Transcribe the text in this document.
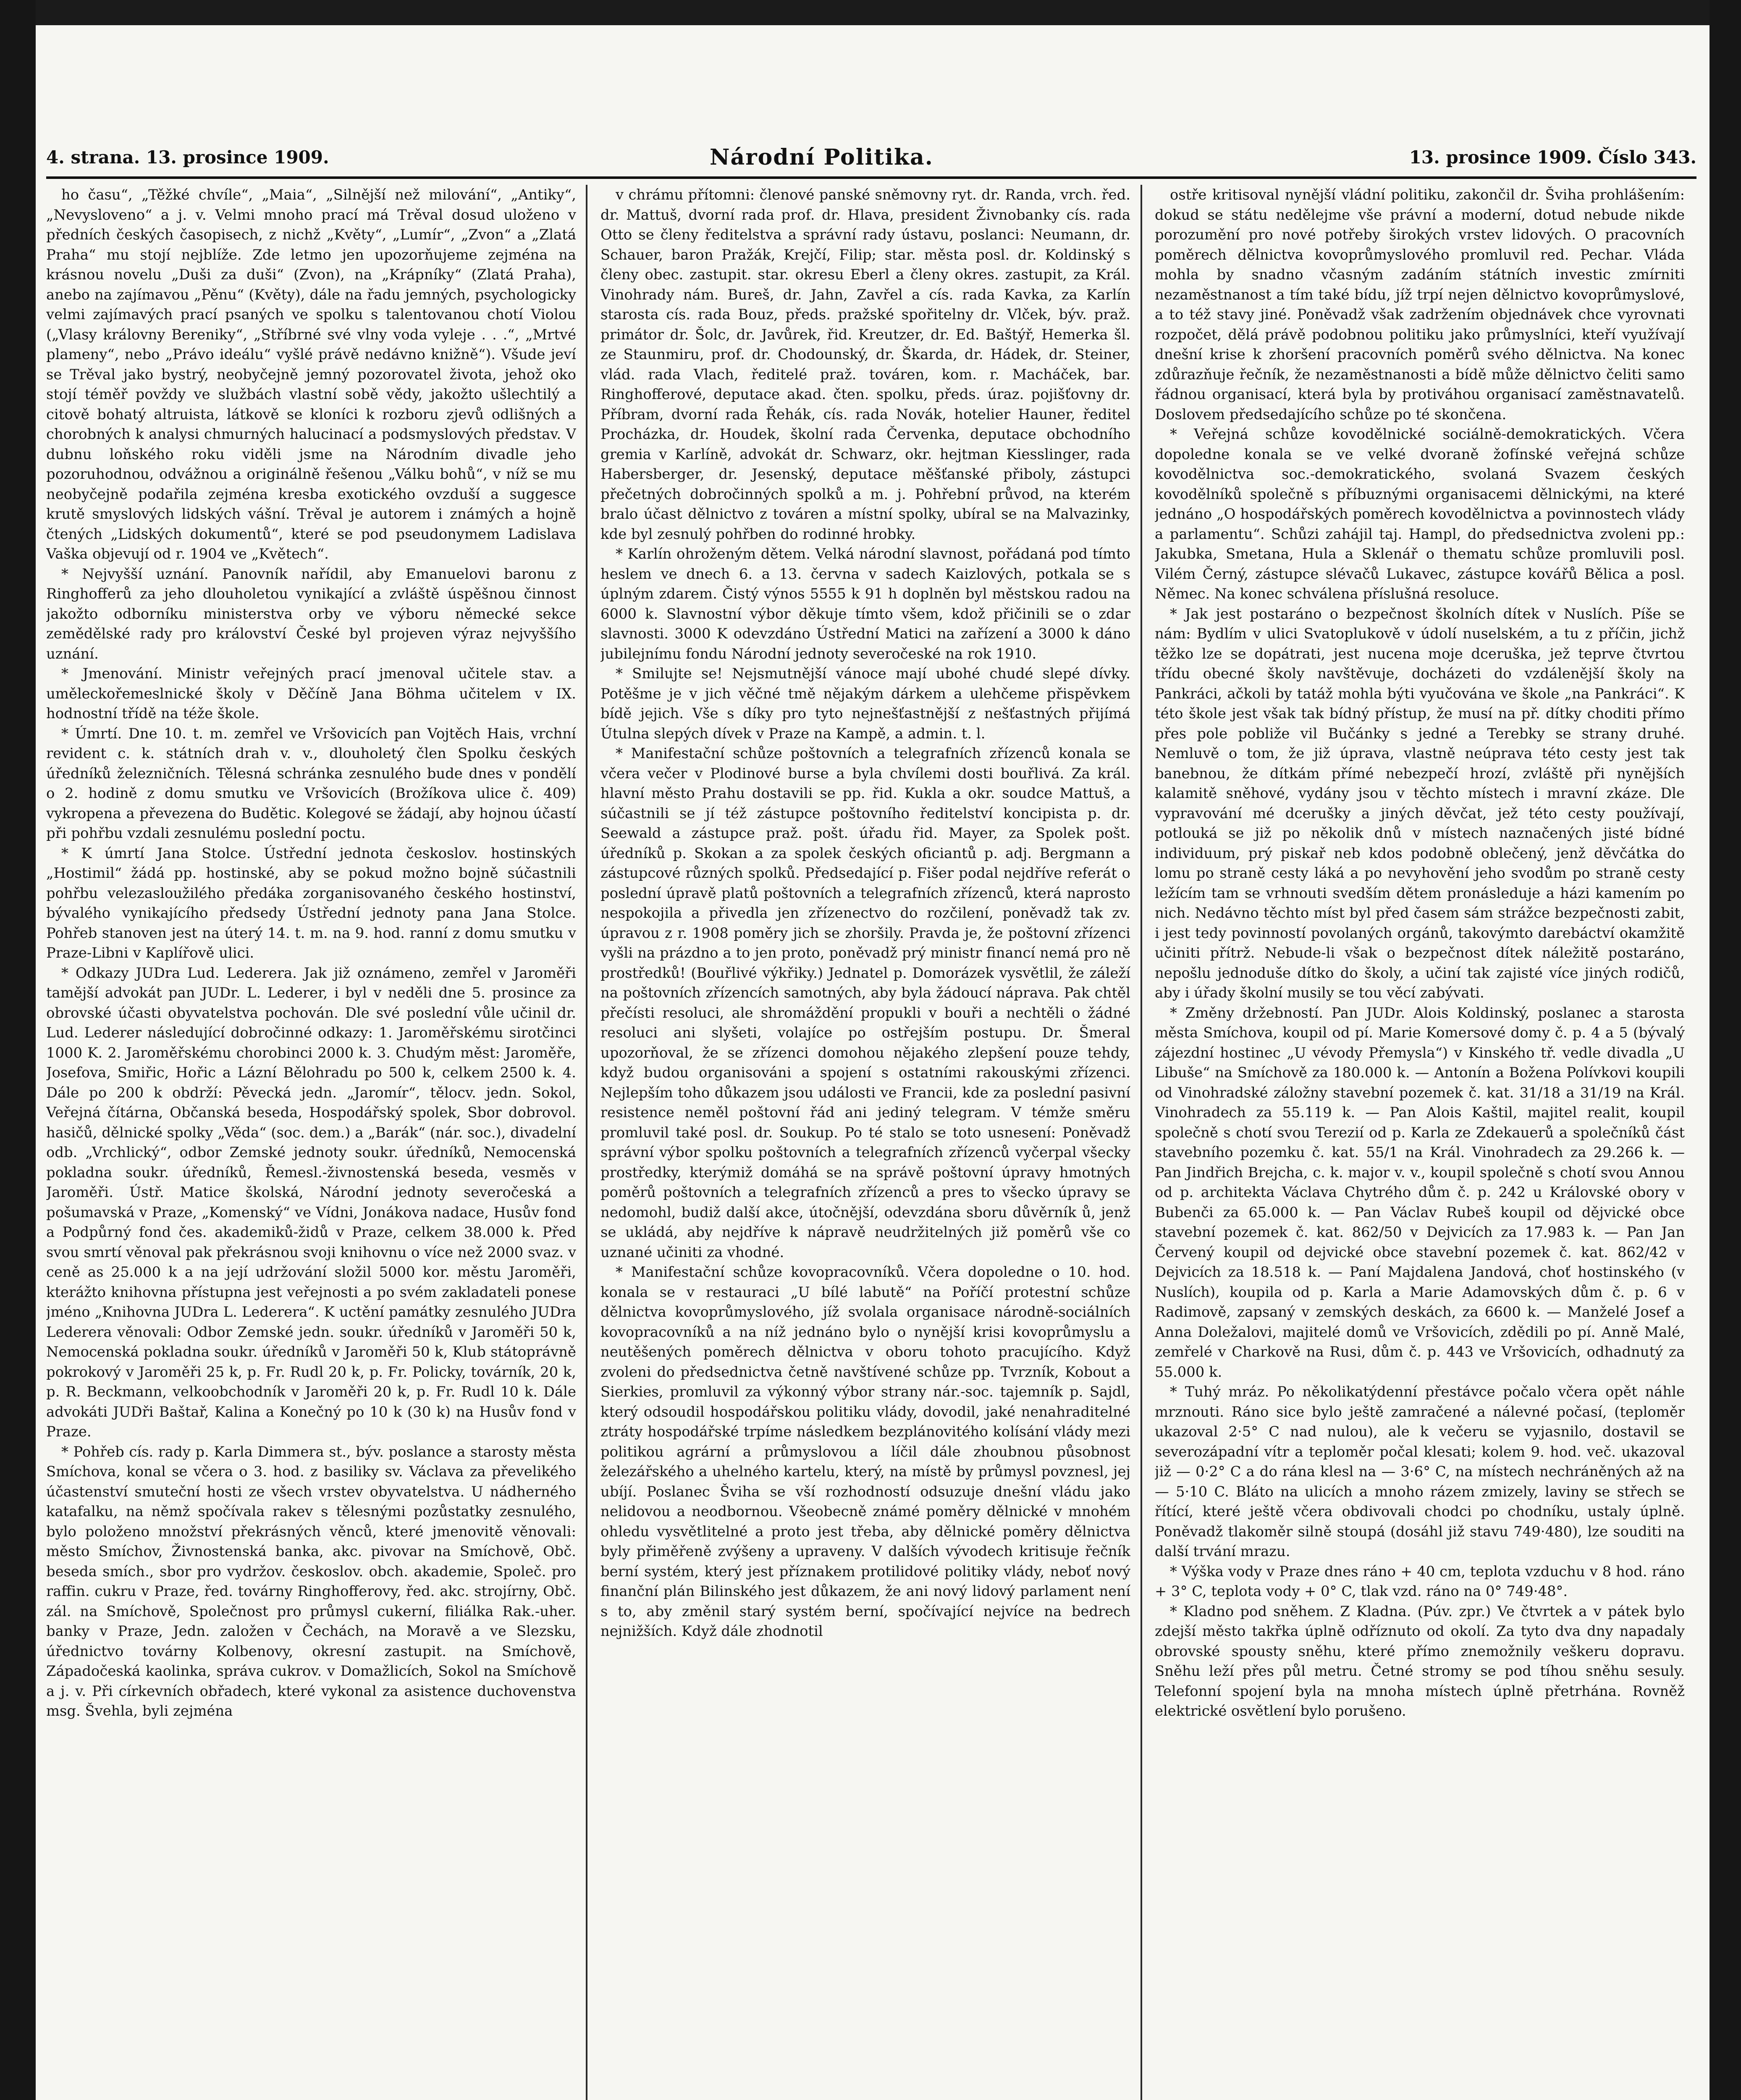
4. strana. 13. prosince 1909.	Národní Politika.	13. prosince 1909. Číslo 343.

ho času“, „Těžké chvíle“, „Maia“, „Silnější než milování“, „Antiky“, „Nevysloveno“ a j. v. Velmi mnoho prací má Trěval dosud uloženo v předních českých časopisech, z nichž „Květy“, „Lumír“, „Zvon“ a „Zlatá Praha“ mu stojí nejblíže. Zde letmo jen upozorňujeme zejména na krásnou novelu „Duši za duši“ (Zvon), na „Krápníky“ (Zlatá Praha), anebo na zajímavou „Pěnu“ (Květy), dále na řadu jemných, psychologicky velmi zajímavých prací psaných ve spolku s talentovanou chotí Violou („Vlasy královny Bereniky“, „Stříbrné své vlny voda vyleje . . .“, „Mrtvé plameny“, nebo „Právo ideálu“ vyšlé právě nedávno knižně“). Všude jeví se Trěval jako bystrý, neobyčejně jemný pozorovatel života, jehož oko stojí téměř povždy ve službách vlastní sobě vědy, jakožto ušlechtilý a citově bohatý altruista, látkově se kloníci k rozboru zjevů odlišných a chorobných k analysi chmurných halucinací a podsmyslových představ. V dubnu loňského roku viděli jsme na Národním divadle jeho pozoruhodnou, odvážnou a originálně řešenou „Válku bohů“, v níž se mu neobyčejně podařila zejména kresba exotického ovzduší a suggesce krutě smyslových lidských vášní. Trěval je autorem i známých a hojně čtených „Lidských dokumentů“, které se pod pseudonymem Ladislava Vaška objevují od r. 1904 ve „Květech“.

* Nejvyšší uznání. Panovník nařídil, aby Emanuelovi baronu z Ringhofferů za jeho dlouholetou vynikající a zvláště úspěšnou činnost jakožto odborníku ministerstva orby ve výboru německé sekce zemědělské rady pro království České byl projeven výraz nejvyššího uznání.

* Jmenování. Ministr veřejných prací jmenoval učitele stav. a uměleckořemeslnické školy v Děčíně Jana Böhma učitelem v IX. hodnostní třídě na téže škole.

* Úmrtí. Dne 10. t. m. zemřel ve Vršovicích pan Vojtěch Hais, vrchní revident c. k. státních drah v. v., dlouholetý člen Spolku českých úředníků železničních. Tělesná schránka zesnulého bude dnes v pondělí o 2. hodině z domu smutku ve Vršovicích (Brožíkova ulice č. 409) vykropena a převezena do Budětic. Kolegové se žádají, aby hojnou účastí při pohřbu vzdali zesnulému poslední poctu.

* K úmrtí Jana Stolce. Ústřední jednota českoslov. hostinských „Hostimil“ žádá pp. hostinské, aby se pokud možno bojně súčastnili pohřbu velezasloužilého předáka zorganisovaného českého hostinství, bývalého vynikajícího předsedy Ústřední jednoty pana Jana Stolce. Pohřeb stanoven jest na úterý 14. t. m. na 9. hod. ranní z domu smutku v Praze-Libni v Kaplířově ulici.

* Odkazy JUDra Lud. Lederera. Jak již oznámeno, zemřel v Jaroměři tamější advokát pan JUDr. L. Lederer, i byl v neděli dne 5. prosince za obrovské účasti obyvatelstva pochován. Dle své poslední vůle učinil dr. Lud. Lederer následující dobročinné odkazy: 1. Jaroměřskému sirotčinci 1000 K. 2. Jaroměřskému chorobinci 2000 k. 3. Chudým měst: Jaroměře, Josefova, Smiřic, Hořic a Lázní Bělohradu po 500 k, celkem 2500 k. 4. Dále po 200 k obdrží: Pěvecká jedn. „Jaromír“, tělocv. jedn. Sokol, Veřejná čítárna, Občanská beseda, Hospodářský spolek, Sbor dobrovol. hasičů, dělnické spolky „Věda“ (soc. dem.) a „Barák“ (nár. soc.), divadelní odb. „Vrchlický“, odbor Zemské jednoty soukr. úředníků, Nemocenská pokladna soukr. úředníků, Řemesl.-živnostenská beseda, vesměs v Jaroměři. Ústř. Matice školská, Národní jednoty severočeská a pošumavská v Praze, „Komenský“ ve Vídni, Jonákova nadace, Husův fond a Podpůrný fond čes. akademiků-židů v Praze, celkem 38.000 k. Před svou smrtí věnoval pak překrásnou svoji knihovnu o více než 2000 svaz. v ceně as 25.000 k a na její udržování složil 5000 kor. městu Jaroměři, kterážto knihovna přístupna jest veřejnosti a po svém zakladateli ponese jméno „Knihovna JUDra L. Lederera“. K uctění památky zesnulého JUDra Lederera věnovali: Odbor Zemské jedn. soukr. úředníků v Jaroměři 50 k, Nemocenská pokladna soukr. úředníků v Jaroměři 50 k, Klub státoprávně pokrokový v Jaroměři 25 k, p. Fr. Rudl 20 k, p. Fr. Policky, továrník, 20 k, p. R. Beckmann, velkoobchodník v Jaroměři 20 k, p. Fr. Rudl 10 k. Dále advokáti JUDři Baštař, Kalina a Konečný po 10 k (30 k) na Husův fond v Praze.

* Pohřeb cís. rady p. Karla Dimmera st., býv. poslance a starosty města Smíchova, konal se včera o 3. hod. z basiliky sv. Václava za převelikého účastenství smuteční hosti ze všech vrstev obyvatelstva. U nádherného katafalku, na němž spočívala rakev s tělesnými pozůstatky zesnulého, bylo položeno množství překrásných věnců, které jmenovitě věnovali: město Smíchov, Živnostenská banka, akc. pivovar na Smíchově, Obč. beseda smích., sbor pro vydržov. českoslov. obch. akademie, Společ. pro raffin. cukru v Praze, řed. továrny Ringhofferovy, řed. akc. strojírny, Obč. zál. na Smíchově, Společnost pro průmysl cukerní, filiálka Rak.-uher. banky v Praze, Jedn. založen v Čechách, na Moravě a ve Slezsku, úřednictvo továrny Kolbenovy, okresní zastupit. na Smíchově, Západočeská kaolinka, správa cukrov. v Domažlicích, Sokol na Smíchově a j. v. Při církevních obřadech, které vykonal za asistence duchovenstva msg. Švehla, byli zejména

v chrámu přítomni: členové panské sněmovny ryt. dr. Randa, vrch. řed. dr. Mattuš, dvorní rada prof. dr. Hlava, president Živnobanky cís. rada Otto se členy ředitelstva a správní rady ústavu, poslanci: Neumann, dr. Schauer, baron Pražák, Krejčí, Filip; star. města posl. dr. Koldinský s členy obec. zastupit. star. okresu Eberl a členy okres. zastupit, za Král. Vinohrady nám. Bureš, dr. Jahn, Zavřel a cís. rada Kavka, za Karlín starosta cís. rada Bouz, předs. pražské spořitelny dr. Vlček, býv. praž. primátor dr. Šolc, dr. Javůrek, řid. Kreutzer, dr. Ed. Baštýř, Hemerka šl. ze Staunmiru, prof. dr. Chodounský, dr. Škarda, dr. Hádek, dr. Steiner, vlád. rada Vlach, ředitelé praž. továren, kom. r. Macháček, bar. Ringhofferové, deputace akad. čten. spolku, předs. úraz. pojišťovny dr. Příbram, dvorní rada Řehák, cís. rada Novák, hotelier Hauner, ředitel Procházka, dr. Houdek, školní rada Červenka, deputace obchodního gremia v Karlíně, advokát dr. Schwarz, okr. hejtman Kiesslinger, rada Habersberger, dr. Jesenský, deputace měšťanské přiboly, zástupci přečetných dobročinných spolků a m. j. Pohřební průvod, na kterém bralo účast dělnictvo z továren a místní spolky, ubíral se na Malvazinky, kde byl zesnulý pohřben do rodinné hrobky.

* Karlín ohroženým dětem. Velká národní slavnost, pořádaná pod tímto heslem ve dnech 6. a 13. června v sadech Kaizlových, potkala se s úplným zdarem. Čistý výnos 5555 k 91 h doplněn byl městskou radou na 6000 k. Slavnostní výbor děkuje tímto všem, kdož přičinili se o zdar slavnosti. 3000 K odevzdáno Ústřední Matici na zařízení a 3000 k dáno jubilejnímu fondu Národní jednoty severočeské na rok 1910.

* Smilujte se! Nejsmutnější vánoce mají ubohé chudé slepé dívky. Potěšme je v jich věčné tmě nějakým dárkem a ulehčeme přispěvkem bídě jejich. Vše s díky pro tyto nejnešťastnější z nešťastných přijímá Útulna slepých dívek v Praze na Kampě, a admin. t. l.

* Manifestační schůze poštovních a telegrafních zřízenců konala se včera večer v Plodinové burse a byla chvílemi dosti bouřlivá. Za král. hlavní město Prahu dostavili se pp. řid. Kukla a okr. soudce Mattuš, a súčastnili se jí též zástupce poštovního ředitelství koncipista p. dr. Seewald a zástupce praž. pošt. úřadu řid. Mayer, za Spolek pošt. úředníků p. Skokan a za spolek českých oficiantů p. adj. Bergmann a zástupcové různých spolků. Předsedající p. Fišer podal nejdříve referát o poslední úpravě platů poštovních a telegrafních zřízenců, která naprosto nespokojila a přivedla jen zřízenectvo do rozčilení, poněvadž tak zv. úpravou z r. 1908 poměry jich se zhoršily. Pravda je, že poštovní zřízenci vyšli na prázdno a to jen proto, poněvadž prý ministr financí nemá pro ně prostředků! (Bouřlivé výkřiky.) Jednatel p. Domorázek vysvětlil, že záleží na poštovních zřízencích samotných, aby byla žádoucí náprava. Pak chtěl přečísti resoluci, ale shromáždění propukli v bouři a nechtěli o žádné resoluci ani slyšeti, volajíce po ostřejším postupu. Dr. Šmeral upozorňoval, že se zřízenci domohou nějakého zlepšení pouze tehdy, když budou organisováni a spojení s ostatními rakouskými zřízenci. Nejlepším toho důkazem jsou události ve Francii, kde za poslední pasivní resistence neměl poštovní řád ani jediný telegram. V témže směru promluvil také posl. dr. Soukup. Po té stalo se toto usnesení: Poněvadž správní výbor spolku poštovních a telegrafních zřízenců vyčerpal všecky prostředky, kterýmiž domáhá se na správě poštovní úpravy hmotných poměrů poštovních a telegrafních zřízenců a pres to všecko úpravy se nedomohl, budiž další akce, útočnější, odevzdána sboru důvěrník ů, jenž se ukládá, aby nejdříve k nápravě neudržitelných již poměrů vše co uznané učiniti za vhodné.

* Manifestační schůze kovopracovníků. Včera dopoledne o 10. hod. konala se v restauraci „U bílé labutě“ na Poříčí protestní schůze dělnictva kovoprůmyslového, jíž svolala organisace národně-sociálních kovopracovníků a na níž jednáno bylo o nynější krisi kovoprůmyslu a neutěšených poměrech dělnictva v oboru tohoto pracujícího. Když zvoleni do předsednictva četně navštívené schůze pp. Tvrzník, Kobout a Sierkies, promluvil za výkonný výbor strany nár.-soc. tajemník p. Sajdl, který odsoudil hospodářskou politiku vlády, dovodil, jaké nenahraditelné ztráty hospodářské trpíme následkem bezplánovitého kolísání vlády mezi politikou agrární a průmyslovou a líčil dále zhoubnou působnost železářského a uhelného kartelu, který, na místě by průmysl povznesl, jej ubíjí. Poslanec Šviha se vší rozhodností odsuzuje dnešní vládu jako nelidovou a neodbornou. Všeobecně známé poměry dělnické v mnohém ohledu vysvětlitelné a proto jest třeba, aby dělnické poměry dělnictva byly přiměřeně zvýšeny a upraveny. V dalších vývodech kritisuje řečník berní systém, který jest příznakem protilidové politiky vlády, neboť nový finanční plán Bilinského jest důkazem, že ani nový lidový parlament není s to, aby změnil starý systém berní, spočívající nejvíce na bedrech nejnižších. Když dále zhodnotil

ostře kritisoval nynější vládní politiku, zakončil dr. Šviha prohlášením: dokud se státu nedělejme vše právní a moderní, dotud nebude nikde porozumění pro nové potřeby širokých vrstev lidových. O pracovních poměrech dělnictva kovoprůmyslového promluvil red. Pechar. Vláda mohla by snadno včasným zadáním státních investic zmírniti nezaměstnanost a tím také bídu, jíž trpí nejen dělnictvo kovoprůmyslové, a to též stavy jiné. Poněvadž však zadržením objednávek chce vyrovnati rozpočet, dělá právě podobnou politiku jako průmyslníci, kteří využívají dnešní krise k zhoršení pracovních poměrů svého dělnictva. Na konec zdůrazňuje řečník, že nezaměstnanosti a bídě může dělnictvo čeliti samo řádnou organisací, která byla by protiváhou organisací zaměstnavatelů. Doslovem předsedajícího schůze po té skončena.

* Veřejná schůze kovodělnické sociálně-demokratických. Včera dopoledne konala se ve velké dvoraně žofínské veřejná schůze kovodělnictva soc.-demokratického, svolaná Svazem českých kovodělníků společně s příbuznými organisacemi dělnickými, na které jednáno „O hospodářských poměrech kovodělnictva a povinnostech vlády a parlamentu“. Schůzi zahájil taj. Hampl, do předsednictva zvoleni pp.: Jakubka, Smetana, Hula a Sklenář o thematu schůze promluvili posl. Vilém Černý, zástupce slévačů Lukavec, zástupce kovářů Bělica a posl. Němec. Na konec schválena příslušná resoluce.

* Jak jest postaráno o bezpečnost školních dítek v Nuslích. Píše se nám: Bydlím v ulici Svatoplukově v údolí nuselském, a tu z příčin, jichž těžko lze se dopátrati, jest nucena moje dceruška, jež teprve čtvrtou třídu obecné školy navštěvuje, docházeti do vzdálenější školy na Pankráci, ačkoli by tatáž mohla býti vyučována ve škole „na Pankráci“. K této škole jest však tak bídný přístup, že musí na př. dítky choditi přímo přes pole pobliže vil Bučánky s jedné a Terebky se strany druhé. Nemluvě o tom, že již úprava, vlastně neúprava této cesty jest tak banebnou, že dítkám přímé nebezpečí hrozí, zvláště při nynějších kalamitě sněhové, vydány jsou v těchto místech i mravní zkáze. Dle vypravování mé dcerušky a jiných děvčat, jež této cesty používají, potlouká se již po několik dnů v místech naznačených jisté bídné individuum, prý piskař neb kdos podobně oblečený, jenž děvčátka do lomu po straně cesty láká a po nevyhovění jeho svodům po straně cesty ležícím tam se vrhnouti svedším dětem pronásleduje a házi kamením po nich. Nedávno těchto míst byl před časem sám strážce bezpečnosti zabit, i jest tedy povinností povolaných orgánů, takovýmto darebáctví okamžitě učiniti přítrž. Nebude-li však o bezpečnost dítek náležitě postaráno, nepošlu jednoduše dítko do školy, a učiní tak zajisté více jiných rodičů, aby i úřady školní musily se tou věcí zabývati.

* Změny držebností. Pan JUDr. Alois Koldinský, poslanec a starosta města Smíchova, koupil od pí. Marie Komersové domy č. p. 4 a 5 (bývalý zájezdní hostinec „U vévody Přemysla“) v Kinského tř. vedle divadla „U Libuše“ na Smíchově za 180.000 k. — Antonín a Božena Polívkovi koupili od Vinohradské záložny stavební pozemek č. kat. 31/18 a 31/19 na Král. Vinohradech za 55.119 k. — Pan Alois Kaštil, majitel realit, koupil společně s chotí svou Terezií od p. Karla ze Zdekauerů a společníků část stavebního pozemku č. kat. 55/1 na Král. Vinohradech za 29.266 k. — Pan Jindřich Brejcha, c. k. major v. v., koupil společně s chotí svou Annou od p. architekta Václava Chytrého dům č. p. 242 u Královské obory v Bubenči za 65.000 k. — Pan Václav Rubeš koupil od dějvické obce stavební pozemek č. kat. 862/50 v Dejvicích za 17.983 k. — Pan Jan Červený koupil od dejvické obce stavební pozemek č. kat. 862/42 v Dejvicích za 18.518 k. — Paní Majdalena Jandová, choť hostinského (v Nuslích), koupila od p. Karla a Marie Adamovských dům č. p. 6 v Radimově, zapsaný v zemských deskách, za 6600 k. — Manželé Josef a Anna Doležalovi, majitelé domů ve Vršovicích, zdědili po pí. Anně Malé, zemřelé v Charkově na Rusi, dům č. p. 443 ve Vršovicích, odhadnutý za 55.000 k.

* Tuhý mráz. Po několikatýdenní přestávce počalo včera opět náhle mrznouti. Ráno sice bylo ještě zamračené a nálevné počasí, (teploměr ukazoval 2·5° C nad nulou), ale k večeru se vyjasnilo, dostavil se severozápadní vítr a teploměr počal klesati; kolem 9. hod. več. ukazoval již — 0·2° C a do rána klesl na — 3·6° C, na místech nechráněných až na — 5·10 C. Bláto na ulicích a mnoho rázem zmizely, laviny se střech se řítící, které ještě včera obdivovali chodci po chodníku, ustaly úplně. Poněvadž tlakoměr silně stoupá (dosáhl již stavu 749·480), lze souditi na další trvání mrazu.

* Výška vody v Praze dnes ráno + 40 cm, teplota vzduchu v 8 hod. ráno + 3° C, teplota vody + 0° C, tlak vzd. ráno na 0° 749·48°.

* Kladno pod sněhem. Z Kladna. (Púv. zpr.) Ve čtvrtek a v pátek bylo zdejší město takřka úplně odříznuto od okolí. Za tyto dva dny napadaly obrovské spousty sněhu, které přímo znemožnily veškeru dopravu. Sněhu leží přes půl metru. Četné stromy se pod tíhou sněhu sesuly. Telefonní spojení byla na mnoha místech úplně přetrhána. Rovněž elektrické osvětlení bylo porušeno.
